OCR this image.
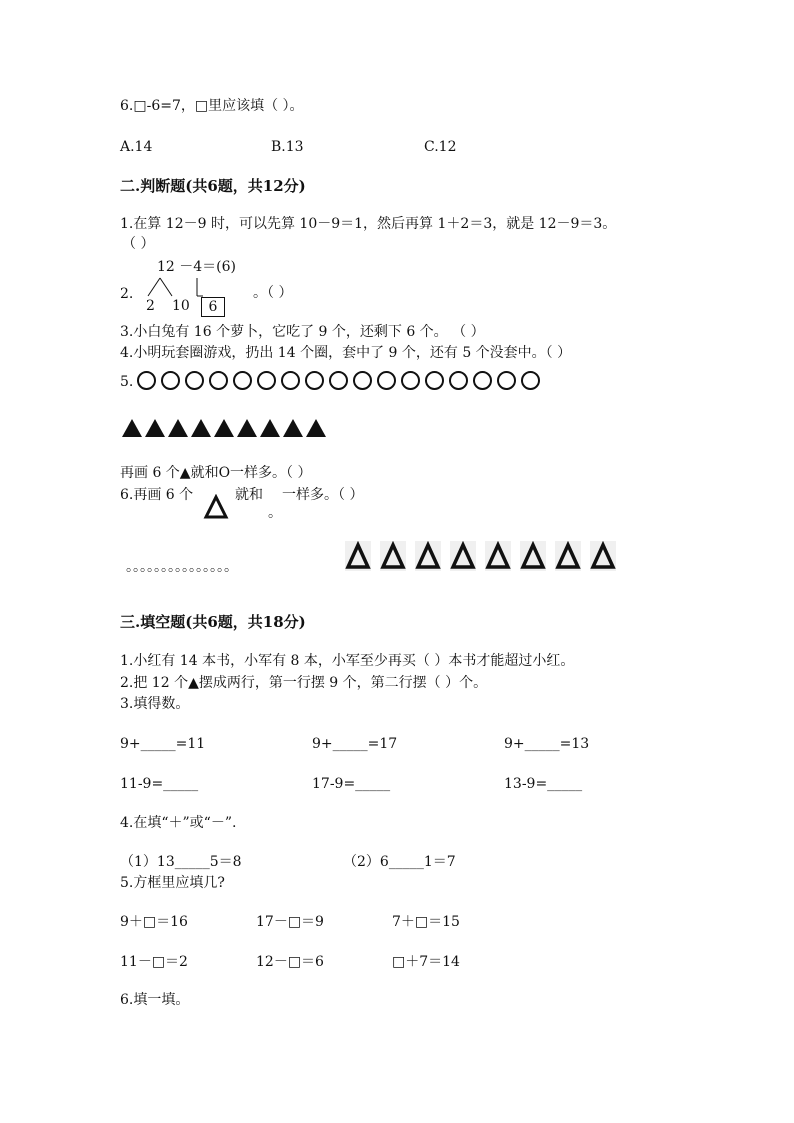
6.□-6=7，□里应该填（ ）。
A.14	B.13	C.12
二.判断题(共6题，共12分)
1.在算 12－9 时，可以先算 10－9＝1，然后再算 1＋2＝3，就是 12－9＝3。
（ ）
12 －4＝(6)
2.
2 10	6
。（ ）
3.小白兔有 16 个萝卜，它吃了 9 个，还剩下 6 个。 （ ）
4.小明玩套圈游戏，扔出 14 个圈，套中了 9 个，还有 5 个没套中。（ ）
5.
再画 6 个▲就和O一样多。（ ）
6.再画 6 个	就和 一样多。（ ）
。
。。。。。。。。。。。。。。。
三.填空题(共6题，共18分)
1.小红有 14 本书，小军有 8 本，小军至少再买（ ）本书才能超过小红。
2.把 12 个▲摆成两行，第一行摆 9 个，第二行摆（ ）个。
3.填得数。
9+_____=11	9+_____=17	9+_____=13
11-9=_____	17-9=_____	13-9=_____
4.在填“＋”或“－”.
（1）13_____5＝8	（2）6_____1＝7
5.方框里应填几?
9＋□＝16	17－□＝9	7＋□＝15
11－□＝2	12－□＝6	□＋7＝14
6.填一填。
